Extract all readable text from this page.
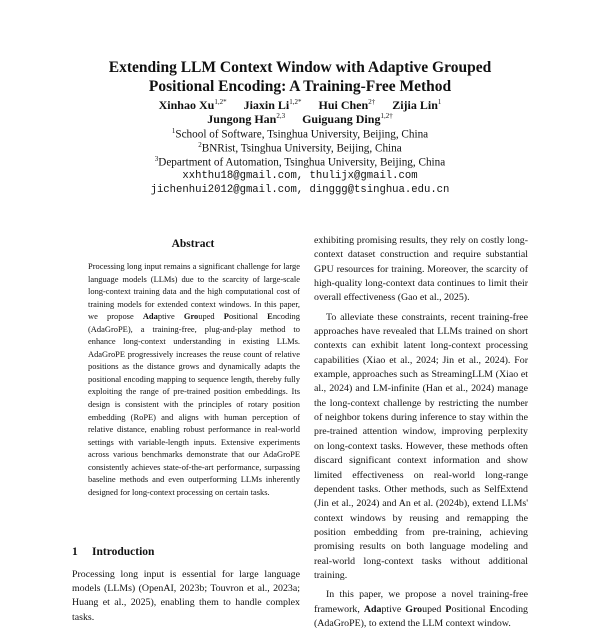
Extending LLM Context Window with Adaptive Grouped
Positional Encoding: A Training-Free Method
Xinhao $Xu^{1,2*}$ Jiaxin $Li^{1,2*}$ Hui Chen$^{2\dagger}$ Zijia Lin$^1$
Jungong Han$^{2,3}$ Guiguang Ding$^{1,2\dagger}$
$^1$School of Software, Tsinghua University, Beijing, China
$^2$BNRist, Tsinghua University, Beijing, China
$^3$Department of Automation, Tsinghua University, Beijing, China
xxhthu18@gmail.com, thulijx@gmail.com
jichenhui2012@gmail.com, dinggg@tsinghua.edu.cn
Abstract
Processing long input remains a significant challenge for large language models (LLMs) due to the scarcity of large-scale long-context training data and the high computational cost of training models for extended context windows. In this paper, we propose Adaptive Grouped Positional Encoding (AdaGroPE), a training-free, plug-and-play method to enhance long-context understanding in existing LLMs. AdaGroPE progressively increases the reuse count of relative positions as the distance grows and dynamically adapts the positional encoding mapping to sequence length, thereby fully exploiting the range of pre-trained position embeddings. Its design is consistent with the principles of rotary position embedding (RoPE) and aligns with human perception of relative distance, enabling robust performance in real-world settings with variable-length inputs. Extensive experiments across various benchmarks demonstrate that our AdaGroPE consistently achieves state-of-the-art performance, surpassing baseline methods and even outperforming LLMs inherently designed for long-context processing on certain tasks.
1 Introduction
Processing long input is essential for large language models (LLMs) (OpenAI, 2023b; Touvron et al., 2023a; Huang et al., 2025), enabling them to handle complex tasks.

exhibiting promising results, they rely on costly long-context dataset construction and require substantial GPU resources for training. Moreover, the scarcity of high-quality long-context data continues to limit their overall effectiveness (Gao et al., 2025).

To alleviate these constraints, recent training-free approaches have revealed that LLMs trained on short contexts can exhibit latent long-context processing capabilities (Xiao et al., 2024; Jin et al., 2024). For example, approaches such as StreamingLLM (Xiao et al., 2024) and LM-infinite (Han et al., 2024) manage the long-context challenge by restricting the number of neighbor tokens during inference to stay within the pre-trained attention window, improving perplexity on long-context tasks. However, these methods often discard significant context information and show limited effectiveness on real-world long-range dependent tasks. Other methods, such as SelfExtend (Jin et al., 2024) and An et al. (2024b), extend LLMs' context windows by reusing and remapping the position embedding from pre-training, achieving promising results on both language modeling and real-world long-context tasks without additional training.

In this paper, we propose a novel training-free framework, Adaptive Grouped Positional Encoding (AdaGroPE), to extend the LLM context window.
